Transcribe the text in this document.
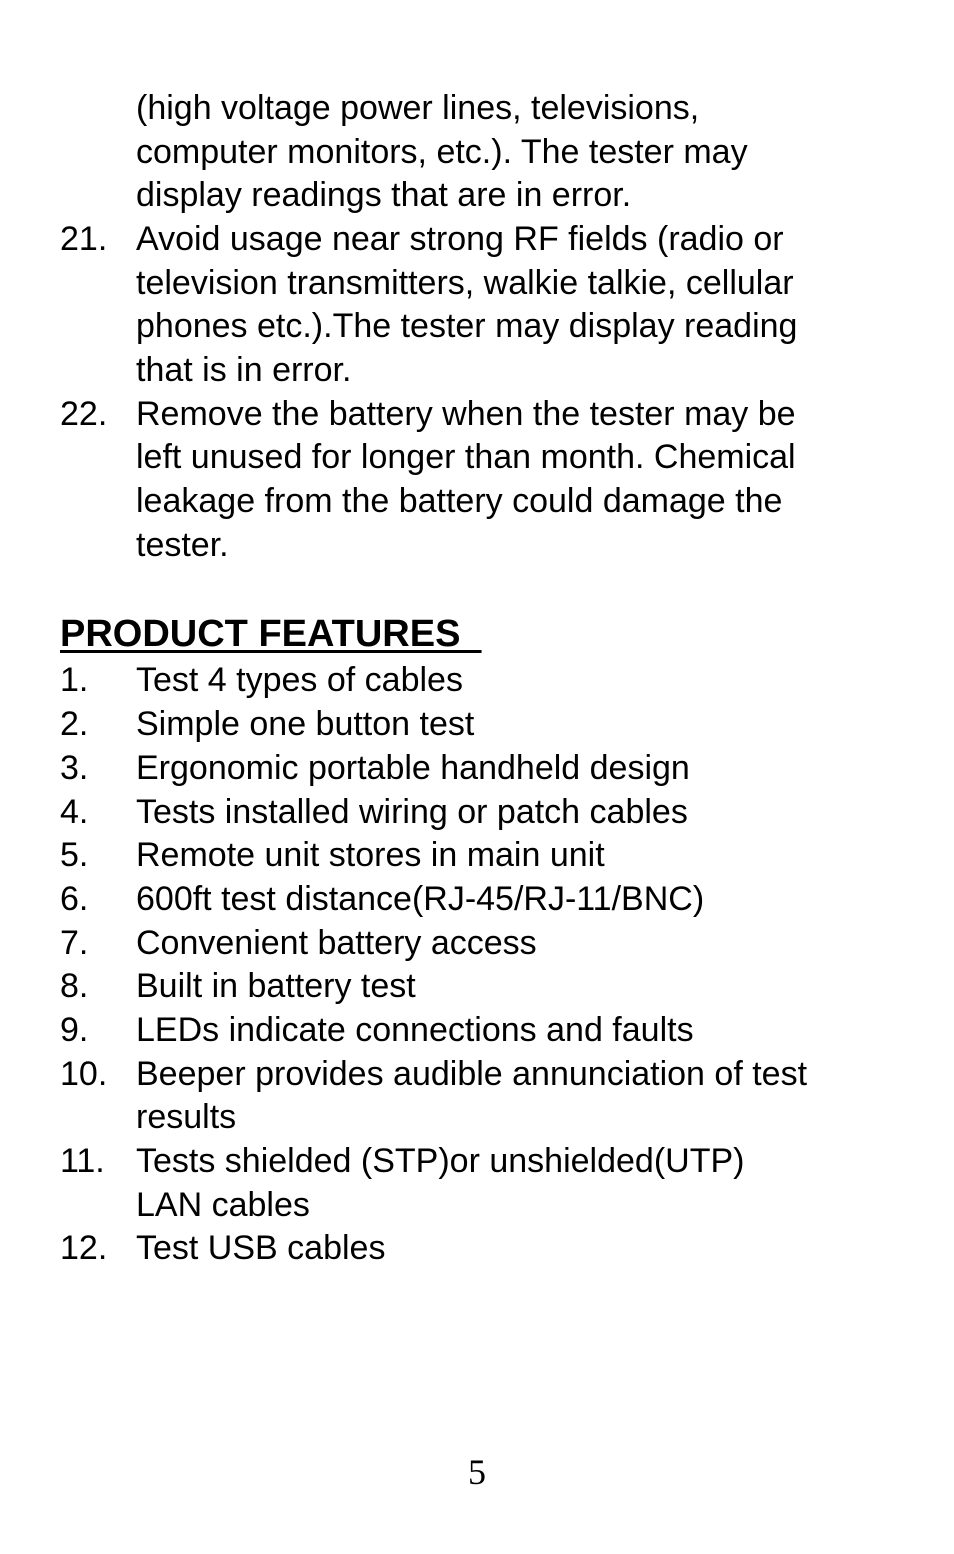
(high voltage power lines, televisions,
computer monitors, etc.). The tester may
display readings that are in error.
21. Avoid usage near strong RF fields (radio or
television transmitters, walkie talkie, cellular
phones etc.).The tester may display reading
that is in error.
22. Remove the battery when the tester may be
left unused for longer than month. Chemical
leakage from the battery could damage the
tester.
PRODUCT FEATURES
1. Test 4 types of cables
2. Simple one button test
3. Ergonomic portable handheld design
4. Tests installed wiring or patch cables
5. Remote unit stores in main unit
6. 600ft test distance(RJ-45/RJ-11/BNC)
7. Convenient battery access
8. Built in battery test
9. LEDs indicate connections and faults
10. Beeper provides audible annunciation of test
results
11. Tests shielded (STP)or unshielded(UTP)
LAN cables
12. Test USB cables
5
